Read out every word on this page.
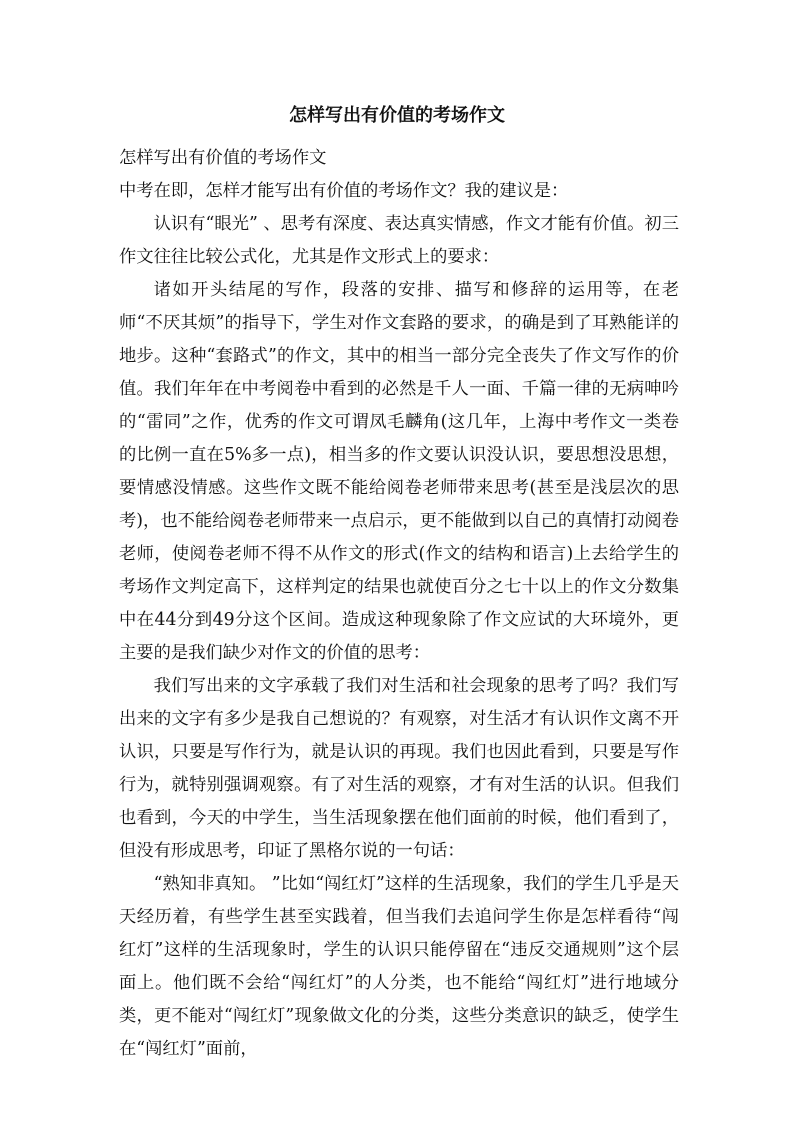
怎样写出有价值的考场作文

怎样写出有价值的考场作文

中考在即，怎样才能写出有价值的考场作文？我的建议是：

认识有“眼光” 、思考有深度、表达真实情感，作文才能有价值。初三作文往往比较公式化，尤其是作文形式上的要求：

诸如开头结尾的写作，段落的安排、描写和修辞的运用等，在老师“不厌其烦”的指导下，学生对作文套路的要求，的确是到了耳熟能详的地步。这种“套路式”的作文，其中的相当一部分完全丧失了作文写作的价值。我们年年在中考阅卷中看到的必然是千人一面、千篇一律的无病呻吟的“雷同”之作，优秀的作文可谓凤毛麟角(这几年，上海中考作文一类卷的比例一直在5%多一点)，相当多的作文要认识没认识，要思想没思想，要情感没情感。这些作文既不能给阅卷老师带来思考(甚至是浅层次的思考)，也不能给阅卷老师带来一点启示，更不能做到以自己的真情打动阅卷老师，使阅卷老师不得不从作文的形式(作文的结构和语言)上去给学生的考场作文判定高下，这样判定的结果也就使百分之七十以上的作文分数集中在44分到49分这个区间。造成这种现象除了作文应试的大环境外，更主要的是我们缺少对作文的价值的思考：

我们写出来的文字承载了我们对生活和社会现象的思考了吗？我们写出来的文字有多少是我自己想说的？有观察，对生活才有认识作文离不开认识，只要是写作行为，就是认识的再现。我们也因此看到，只要是写作行为，就特别强调观察。有了对生活的观察，才有对生活的认识。但我们也看到，今天的中学生，当生活现象摆在他们面前的时候，他们看到了，但没有形成思考，印证了黑格尔说的一句话：

“熟知非真知。 ”比如“闯红灯”这样的生活现象，我们的学生几乎是天天经历着，有些学生甚至实践着，但当我们去追问学生你是怎样看待“闯红灯”这样的生活现象时，学生的认识只能停留在“违反交通规则”这个层面上。他们既不会给“闯红灯”的人分类，也不能给“闯红灯”进行地域分类，更不能对“闯红灯”现象做文化的分类，这些分类意识的缺乏，使学生在“闯红灯”面前，
